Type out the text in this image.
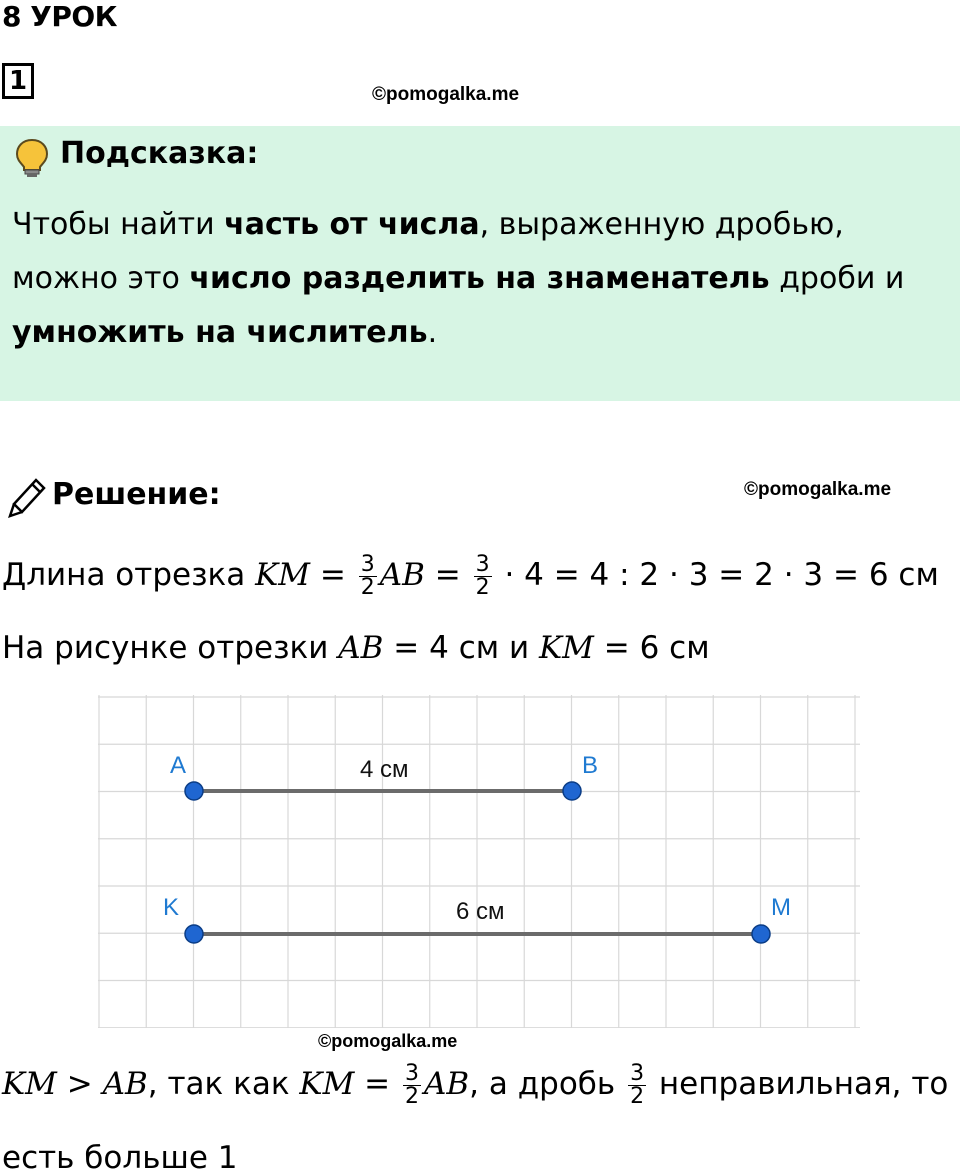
8 УРОК
1	©pomogalka.me
Подсказка:
Чтобы найти часть от числа, выраженную дробью, можно это число разделить на знаменатель дроби и умножить на числитель.
Решение:	©pomogalka.me
Длина отрезка KM = $\frac{3}{2}$ AB = $\frac{3}{2} \cdot 4 = 4$ : 2 · 3 = 2 · 3 = 6 см
На рисунке отрезки AB = 4 см и KM = 6 см
A	B
K	M
4 см
6 см
©pomogalka.me
KM > AB, так как KM = $\frac{3}{2}$ AB, а дробь $\frac{3}{2}$ неправильная, то
есть больше 1
